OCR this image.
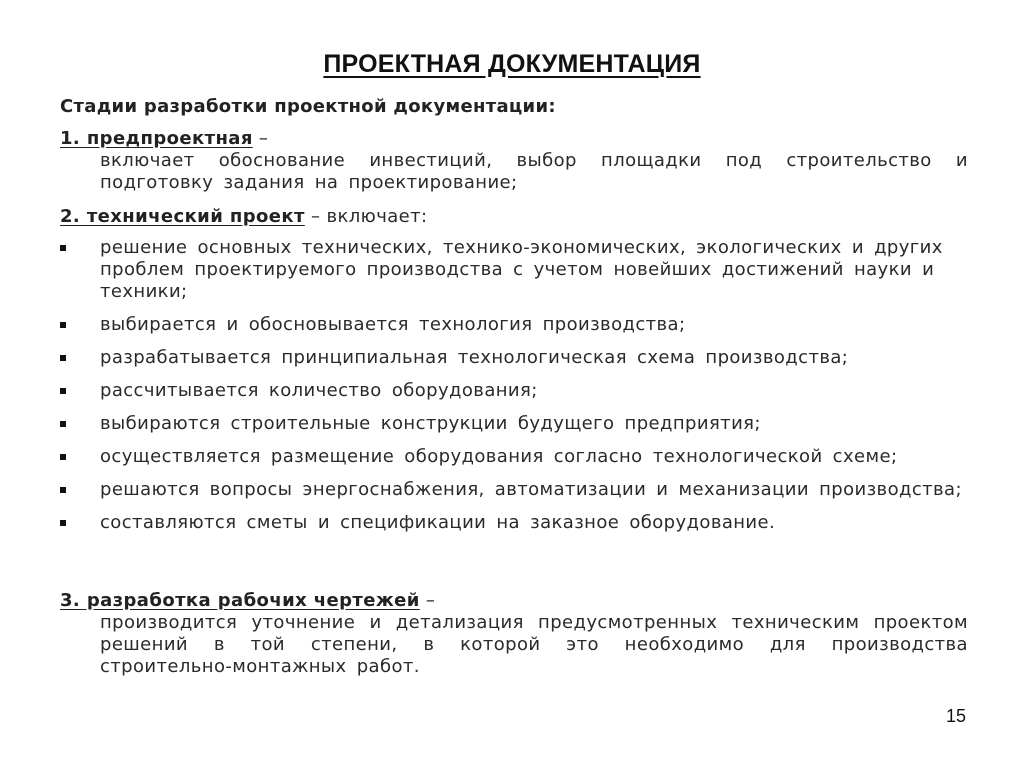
ПРОЕКТНАЯ ДОКУМЕНТАЦИЯ
Стадии разработки проектной документации:
1. предпроектная –
включает обоснование инвестиций, выбор площадки под строительство и подготовку задания на проектирование;
2. технический проект – включает:
решение основных технических, технико-экономических, экологических и других проблем проектируемого производства с учетом новейших достижений науки и техники;
выбирается и обосновывается технология производства;
разрабатывается принципиальная технологическая схема производства;
рассчитывается количество оборудования;
выбираются строительные конструкции будущего предприятия;
осуществляется размещение оборудования согласно технологической схеме;
решаются вопросы энергоснабжения, автоматизации и механизации производства;
составляются сметы и спецификации на заказное оборудование.
3. разработка рабочих чертежей –
производится уточнение и детализация предусмотренных техническим проектом решений в той степени, в которой это необходимо для производства строительно-монтажных работ.
15
